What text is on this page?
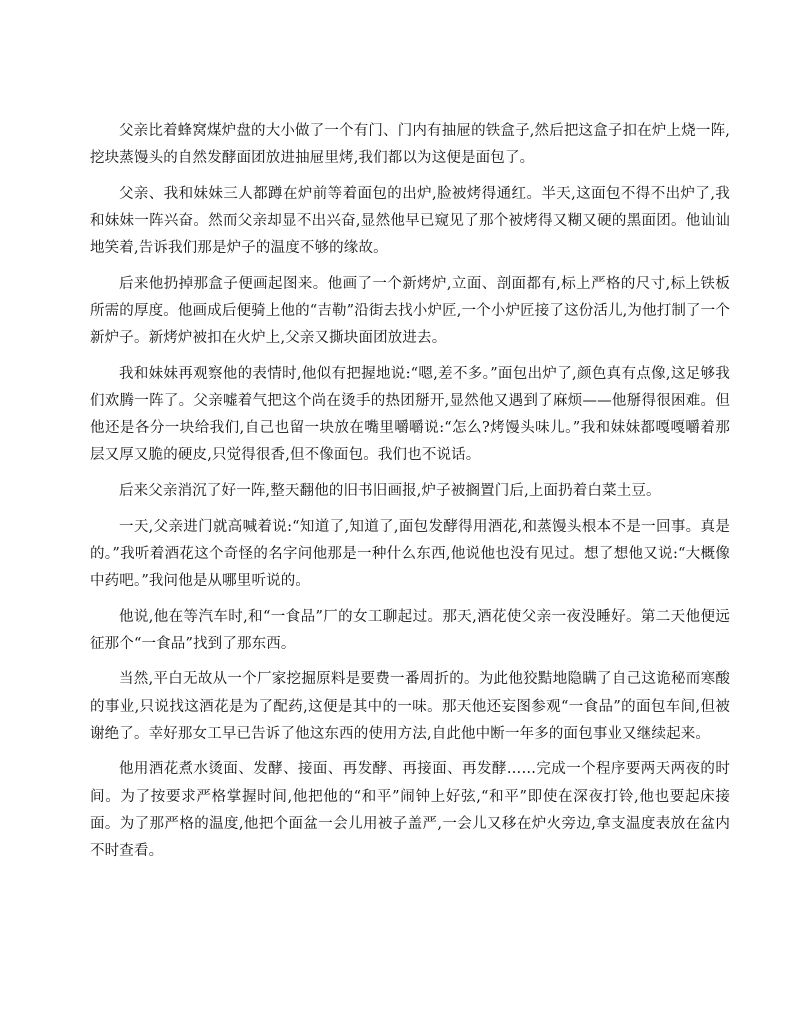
父亲比着蜂窝煤炉盘的大小做了一个有门、门内有抽屉的铁盒子,然后把这盒子扣在炉上烧一阵,挖块蒸馒头的自然发酵面团放进抽屉里烤,我们都以为这便是面包了。

父亲、我和妹妹三人都蹲在炉前等着面包的出炉,脸被烤得通红。半天,这面包不得不出炉了,我和妹妹一阵兴奋。然而父亲却显不出兴奋,显然他早已窥见了那个被烤得又糊又硬的黑面团。他讪讪地笑着,告诉我们那是炉子的温度不够的缘故。

后来他扔掉那盒子便画起图来。他画了一个新烤炉,立面、剖面都有,标上严格的尺寸,标上铁板所需的厚度。他画成后便骑上他的“吉勒”沿街去找小炉匠,一个小炉匠接了这份活儿,为他打制了一个新炉子。新烤炉被扣在火炉上,父亲又撕块面团放进去。

我和妹妹再观察他的表情时,他似有把握地说:“嗯,差不多。”面包出炉了,颜色真有点像,这足够我们欢腾一阵了。父亲嘘着气把这个尚在烫手的热团掰开,显然他又遇到了麻烦——他掰得很困难。但他还是各分一块给我们,自己也留一块放在嘴里嚼嚼说:“怎么?烤馒头味儿。”我和妹妹都嘎嘎嚼着那层又厚又脆的硬皮,只觉得很香,但不像面包。我们也不说话。

后来父亲消沉了好一阵,整天翻他的旧书旧画报,炉子被搁置门后,上面扔着白菜土豆。

一天,父亲进门就高喊着说:“知道了,知道了,面包发酵得用酒花,和蒸馒头根本不是一回事。真是的。”我听着酒花这个奇怪的名字问他那是一种什么东西,他说他也没有见过。想了想他又说:“大概像中药吧。”我问他是从哪里听说的。

他说,他在等汽车时,和“一食品”厂的女工聊起过。那天,酒花使父亲一夜没睡好。第二天他便远征那个“一食品”找到了那东西。

当然,平白无故从一个厂家挖掘原料是要费一番周折的。为此他狡黠地隐瞒了自己这诡秘而寒酸的事业,只说找这酒花是为了配药,这便是其中的一味。那天他还妄图参观“一食品”的面包车间,但被谢绝了。幸好那女工早已告诉了他这东西的使用方法,自此他中断一年多的面包事业又继续起来。

他用酒花煮水烫面、发酵、接面、再发酵、再接面、再发酵……完成一个程序要两天两夜的时间。为了按要求严格掌握时间,他把他的“和平”闹钟上好弦,“和平”即使在深夜打铃,他也要起床接面。为了那严格的温度,他把个面盆一会儿用被子盖严,一会儿又移在炉火旁边,拿支温度表放在盆内不时查看。
